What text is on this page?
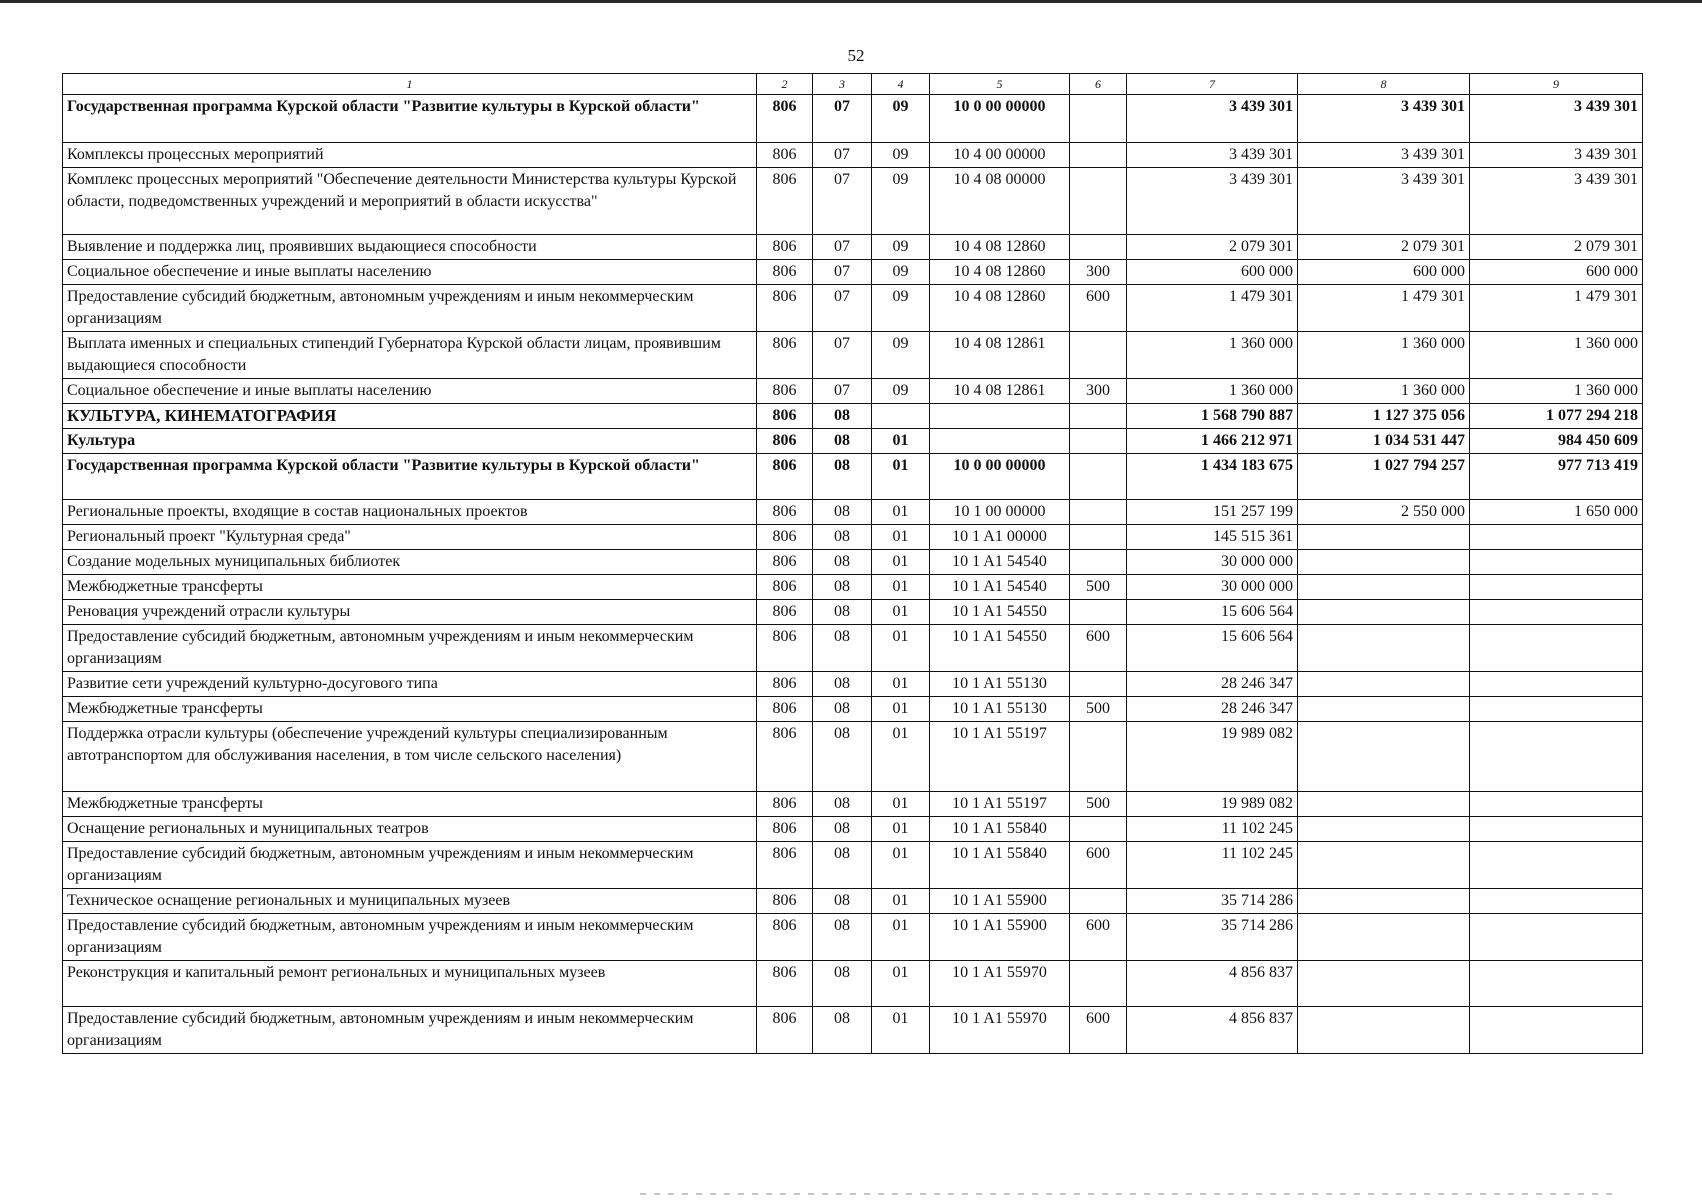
52
1	2	3	4	5	6	7	8	9
Государственная программа Курской области "Развитие культуры в Курской области"	806	07	09	10 0 00 00000		3 439 301	3 439 301	3 439 301
Комплексы процессных мероприятий	806	07	09	10 4 00 00000		3 439 301	3 439 301	3 439 301
Комплекс процессных мероприятий "Обеспечение деятельности Министерства культуры Курской области, подведомственных учреждений и мероприятий в области искусства"	806	07	09	10 4 08 00000		3 439 301	3 439 301	3 439 301
Выявление и поддержка лиц, проявивших выдающиеся способности	806	07	09	10 4 08 12860		2 079 301	2 079 301	2 079 301
Социальное обеспечение и иные выплаты населению	806	07	09	10 4 08 12860	300	600 000	600 000	600 000
Предоставление субсидий бюджетным, автономным учреждениям и иным некоммерческим организациям	806	07	09	10 4 08 12860	600	1 479 301	1 479 301	1 479 301
Выплата именных и специальных стипендий Губернатора Курской области лицам, проявившим выдающиеся способности	806	07	09	10 4 08 12861		1 360 000	1 360 000	1 360 000
Социальное обеспечение и иные выплаты населению	806	07	09	10 4 08 12861	300	1 360 000	1 360 000	1 360 000
КУЛЬТУРА, КИНЕМАТОГРАФИЯ	806	08				1 568 790 887	1 127 375 056	1 077 294 218
Культура	806	08	01			1 466 212 971	1 034 531 447	984 450 609
Государственная программа Курской области "Развитие культуры в Курской области"	806	08	01	10 0 00 00000		1 434 183 675	1 027 794 257	977 713 419
Региональные проекты, входящие в состав национальных проектов	806	08	01	10 1 00 00000		151 257 199	2 550 000	1 650 000
Региональный проект "Культурная среда"	806	08	01	10 1 A1 00000		145 515 361		
Создание модельных муниципальных библиотек	806	08	01	10 1 A1 54540		30 000 000		
Межбюджетные трансферты	806	08	01	10 1 A1 54540	500	30 000 000		
Реновация учреждений отрасли культуры	806	08	01	10 1 A1 54550		15 606 564		
Предоставление субсидий бюджетным, автономным учреждениям и иным некоммерческим организациям	806	08	01	10 1 A1 54550	600	15 606 564		
Развитие сети учреждений культурно-досугового типа	806	08	01	10 1 A1 55130		28 246 347		
Межбюджетные трансферты	806	08	01	10 1 A1 55130	500	28 246 347		
Поддержка отрасли культуры (обеспечение учреждений культуры специализированным автотранспортом для обслуживания населения, в том числе сельского населения)	806	08	01	10 1 A1 55197		19 989 082		
Межбюджетные трансферты	806	08	01	10 1 A1 55197	500	19 989 082		
Оснащение региональных и муниципальных театров	806	08	01	10 1 A1 55840		11 102 245		
Предоставление субсидий бюджетным, автономным учреждениям и иным некоммерческим организациям	806	08	01	10 1 A1 55840	600	11 102 245		
Техническое оснащение региональных и муниципальных музеев	806	08	01	10 1 A1 55900		35 714 286		
Предоставление субсидий бюджетным, автономным учреждениям и иным некоммерческим организациям	806	08	01	10 1 A1 55900	600	35 714 286		
Реконструкция и капитальный ремонт региональных и муниципальных музеев	806	08	01	10 1 A1 55970		4 856 837		
Предоставление субсидий бюджетным, автономным учреждениям и иным некоммерческим организациям	806	08	01	10 1 A1 55970	600	4 856 837		
